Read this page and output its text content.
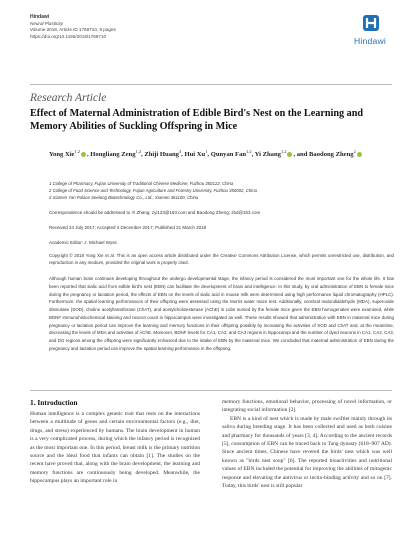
Hindawi
Neural Plasticity
Volume 2018, Article ID 1769710, 8 pages
https://doi.org/10.1155/2018/1769710	Hindawi
Research Article
Effect of Maternal Administration of Edible Bird's Nest on the Learning and Memory Abilities of Suckling Offspring in Mice
Yong Xie$^{1,2}$ , Hongliang Zeng$^{1,2}$, Zhiji Huang$^3$, Hui Xu$^1$, Qunyan Fan$^{1,2}$, Yi Zhang$^{1,2}$ , and Baodong Zheng$^2$
1 College of Pharmacy, Fujian University of Traditional Chinese Medicine, Fuzhou 350122, China
2 College of Food Science and Technology, Fujian Agriculture and Forestry University, Fuzhou 350002, China
3 Xiamen Yan Palace Seelong Biotechnology Co., Ltd., Xiamen 361100, China
Correspondence should be addressed to Yi Zhang; zyi123@163.com and Baodong Zheng; zbd@163.com
Received 24 July 2017; Accepted 4 December 2017; Published 21 March 2018
Academic Editor: J. Michael Wyss
Copyright © 2018 Yong Xie et al. This is an open access article distributed under the Creative Commons Attribution License, which permits unrestricted use, distribution, and reproduction in any medium, provided the original work is properly cited.
Although human brain continues developing throughout the undergo developmental stage, the infancy period is considered the most important one for the whole life. It has been reported that sialic acid from edible bird's nest (EBN) can facilitate the development of brain and intelligence. In this study, by oral administration of EBN to female mice during the pregnancy or lactation period, the effects of EBN on the levels of sialic acid in mouse milk were determined using high performance liquid chromatography (HPLC). Furthermore, the spatial learning performances of their offspring were assessed using the Morris water maze test. Additionally, cerebral malondialdehyde (MDA), superoxide dismutase (SOD), choline acetyltransferase (ChAT), and acetylcholinesterase (AChE) in cubs nursed by the female mice given the EBN homogenates were examined, while BDNF immunohistochemical staining and neuron count in hippocampus were investigated as well. These results showed that administration with EBN in maternal mice during pregnancy or lactation period can improve the learning and memory functions in their offspring possibly by increasing the activities of SOD and ChAT and, at the meantime, decreasing the levels of MDA and activities of AChE. Moreover, BDNF levels for CA1, CA2, and CA3 regions in hippocampi and the number of dyed neurons in CA1, CA2, CA3, and DG regions among the offspring were significantly enhanced due to the intake of EBN by the maternal mice. We concluded that maternal administration of EBN during the pregnancy and lactation period can improve the spatial learning performance in the offspring.
1. Introduction

Human intelligence is a complex genetic trait that rests on the interactions between a multitude of genes and certain environmental factors (e.g., diet, drugs, and stress) experienced by humans. The brain development in human is a very complicated process, during which the infancy period is recognized as the most important one. In this period, breast milk is the primary nutrition source and the ideal food that infants can obtain [1]. The studies on the recent have proved that, along with the brain development, the learning and memory functions are continuously being developed. Meanwhile, the hippocampus plays an important role in

memory functions, emotional behavior, processing of novel information, or integrating social information [2].

EBN is a kind of nest which is made by male swiftlet mainly through its saliva during breeding stage. It has been collected and used as both cuisine and pharmacy for thousands of years [3, 4]. According to the ancient records [5], consumption of EBN can be traced back to Tang dynasty (618–907 AD). Since ancient times, Chinese have revered the birds' nest which was well known as "birds nest soup" [6]. The reported bioactivities and nutritional values of EBN included the potential for improving the abilities of mitogenic response and elevating the antivirus or lectin-binding activity and so on [7]. Today, this birds' nest is still popular
